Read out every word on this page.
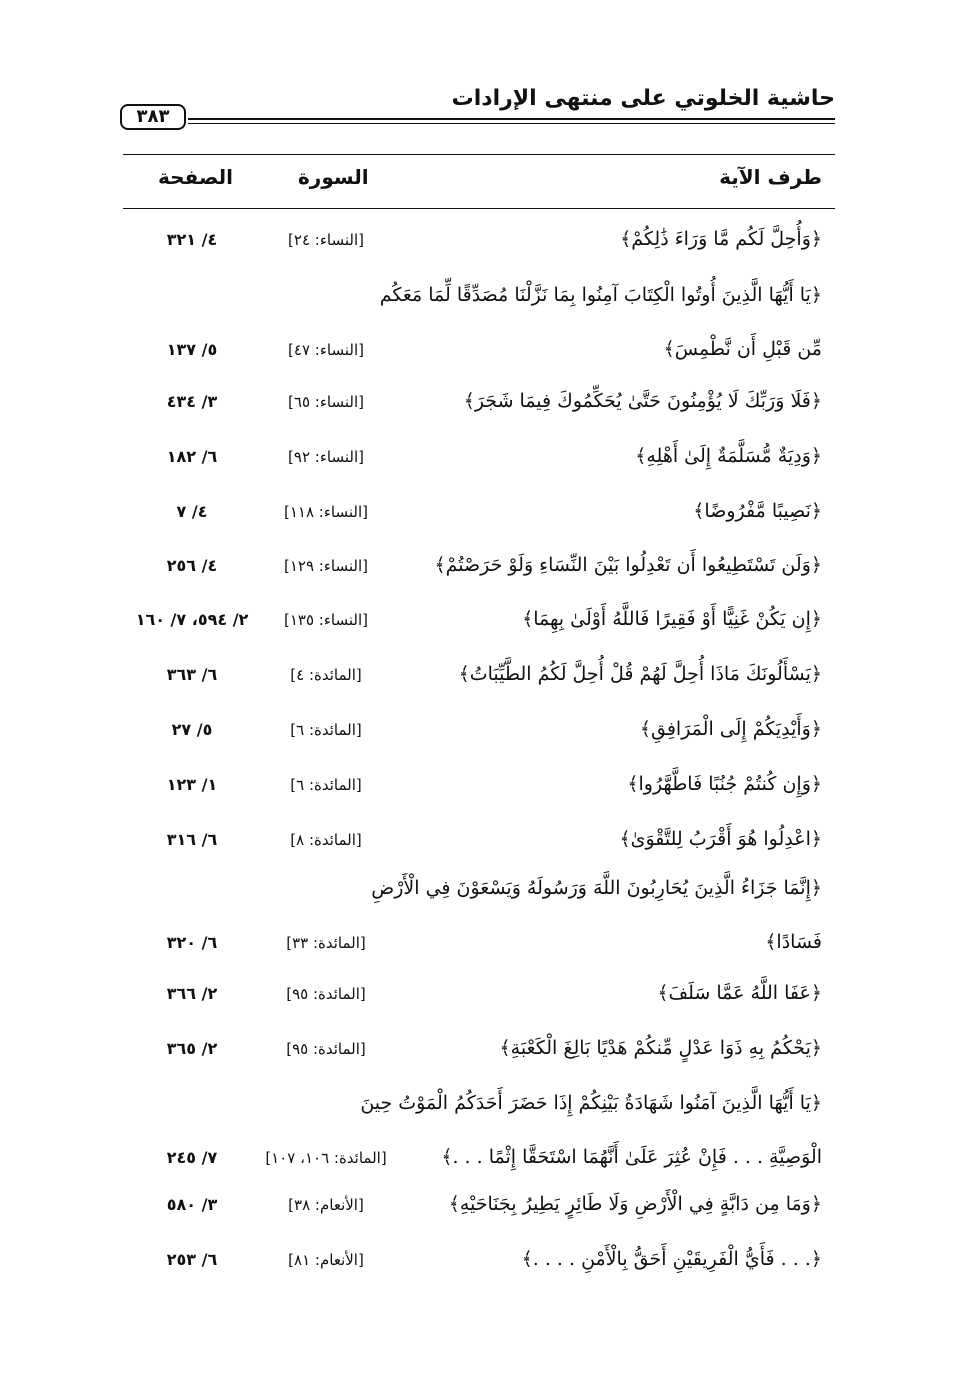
حاشية الخلوتي على منتهى الإرادات
٣٨٣
طرف الآية
السورة
الصفحة
﴿وَأُحِلَّ لَكُم مَّا وَرَاءَ ذَٰلِكُمْ﴾
[النساء: ٢٤]
٤/ ٣٢١
﴿يَا أَيُّهَا الَّذِينَ أُوتُوا الْكِتَابَ آمِنُوا بِمَا نَزَّلْنَا مُصَدِّقًا لِّمَا مَعَكُم
مِّن قَبْلِ أَن نَّطْمِسَ﴾
[النساء: ٤٧]
٥/ ١٣٧
﴿فَلَا وَرَبِّكَ لَا يُؤْمِنُونَ حَتَّىٰ يُحَكِّمُوكَ فِيمَا شَجَرَ﴾
[النساء: ٦٥]
٣/ ٤٣٤
﴿وَدِيَةٌ مُّسَلَّمَةٌ إِلَىٰ أَهْلِهِ﴾
[النساء: ٩٢]
٦/ ١٨٢
﴿نَصِيبًا مَّفْرُوضًا﴾
[النساء: ١١٨]
٤/ ٧
﴿وَلَن تَسْتَطِيعُوا أَن تَعْدِلُوا بَيْنَ النِّسَاءِ وَلَوْ حَرَصْتُمْ﴾
[النساء: ١٢٩]
٤/ ٢٥٦
﴿إِن يَكُنْ غَنِيًّا أَوْ فَقِيرًا فَاللَّهُ أَوْلَىٰ بِهِمَا﴾
[النساء: ١٣٥]
٢/ ٥٩٤، ٧/ ١٦٠
﴿يَسْأَلُونَكَ مَاذَا أُحِلَّ لَهُمْ قُلْ أُحِلَّ لَكُمُ الطَّيِّبَاتُ﴾
[المائدة: ٤]
٦/ ٣٦٣
﴿وَأَيْدِيَكُمْ إِلَى الْمَرَافِقِ﴾
[المائدة: ٦]
٥/ ٢٧
﴿وَإِن كُنتُمْ جُنُبًا فَاطَّهَّرُوا﴾
[المائدة: ٦]
١/ ١٢٣
﴿اعْدِلُوا هُوَ أَقْرَبُ لِلتَّقْوَىٰ﴾
[المائدة: ٨]
٦/ ٣١٦
﴿إِنَّمَا جَزَاءُ الَّذِينَ يُحَارِبُونَ اللَّهَ وَرَسُولَهُ وَيَسْعَوْنَ فِي الْأَرْضِ
فَسَادًا﴾
[المائدة: ٣٣]
٦/ ٣٢٠
﴿عَفَا اللَّهُ عَمَّا سَلَفَ﴾
[المائدة: ٩٥]
٢/ ٣٦٦
﴿يَحْكُمُ بِهِ ذَوَا عَدْلٍ مِّنكُمْ هَدْيًا بَالِغَ الْكَعْبَةِ﴾
[المائدة: ٩٥]
٢/ ٣٦٥
﴿يَا أَيُّهَا الَّذِينَ آمَنُوا شَهَادَةُ بَيْنِكُمْ إِذَا حَضَرَ أَحَدَكُمُ الْمَوْتُ حِينَ
الْوَصِيَّةِ . . . فَإِنْ عُثِرَ عَلَىٰ أَنَّهُمَا اسْتَحَقَّا إِثْمًا . . .﴾
[المائدة: ١٠٦، ١٠٧]
٧/ ٢٤٥
﴿وَمَا مِن دَابَّةٍ فِي الْأَرْضِ وَلَا طَائِرٍ يَطِيرُ بِجَنَاحَيْهِ﴾
[الأنعام: ٣٨]
٣/ ٥٨٠
﴿. . . فَأَيُّ الْفَرِيقَيْنِ أَحَقُّ بِالْأَمْنِ . . . .﴾
[الأنعام: ٨١]
٦/ ٢٥٣
